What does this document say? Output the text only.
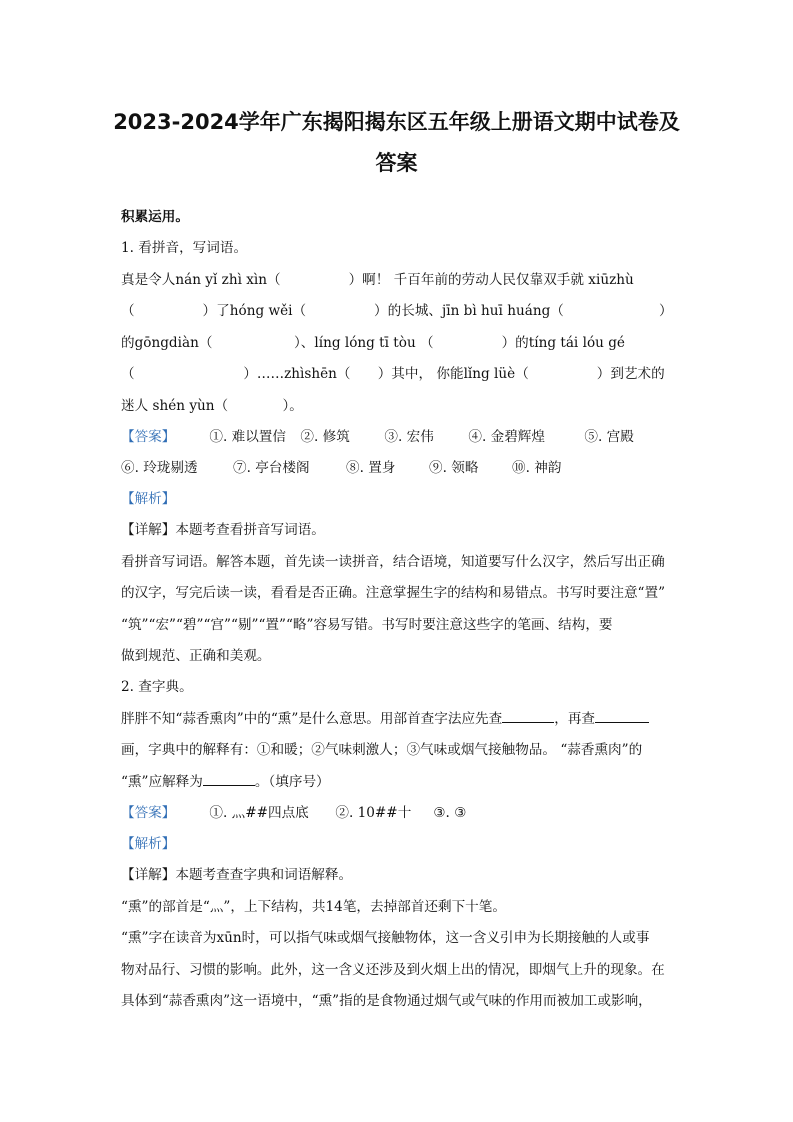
2023-2024学年广东揭阳揭东区五年级上册语文期中试卷及
答案
积累运用。
1. 看拼音，写词语。
真是令人nán yǐ zhì xìn（　　　　　）啊！ 千百年前的劳动人民仅靠双手就 xiūzhù
（　　　　　）了hóng wěi（　　　　　）的长城、jīn bì huī huáng（　　　　　　　）
的gōngdiàn（　　　　　　）、líng lóng tī tòu （　　　　　）的tíng tái lóu gé
（　　　　　　　　）……zhìshēn（　　）其中， 你能lǐng lüè（　　　　　）到艺术的
迷人 shén yùn（　　　　）。
【答案】	①. 难以置信 ②. 修筑	③. 宏伟	④. 金碧辉煌	⑤. 宫殿
⑥. 玲珑剔透	⑦. 亭台楼阁	⑧. 置身 ⑨. 领略 ⑩. 神韵
【解析】
【详解】本题考查看拼音写词语。
看拼音写词语。解答本题，首先读一读拼音，结合语境，知道要写什么汉字，然后写出正确
的汉字，写完后读一读，看看是否正确。注意掌握生字的结构和易错点。书写时要注意“置”
“筑”“宏”“碧”“宫”“剔”“置”“略”容易写错。书写时要注意这些字的笔画、结构，要
做到规范、正确和美观。
2. 查字典。
胖胖不知“蒜香熏肉”中的“熏”是什么意思。用部首查字法应先查	，再查
画，字典中的解释有：①和暖；②气味刺激人；③气味或烟气接触物品。 “蒜香熏肉”的
“熏”应解释为	。（填序号）
【答案】	①. 灬##四点底 ②. 10##十 ③. ③
【解析】
【详解】本题考查查字典和词语解释。
“熏”的部首是“灬”，上下结构，共14笔，去掉部首还剩下十笔。
“熏”字在读音为xūn时，可以指气味或烟气接触物体，这一含义引申为长期接触的人或事
物对品行、习惯的影响。此外，这一含义还涉及到火烟上出的情况，即烟气上升的现象。在
具体到“蒜香熏肉”这一语境中，“熏”指的是食物通过烟气或气味的作用而被加工或影响，
